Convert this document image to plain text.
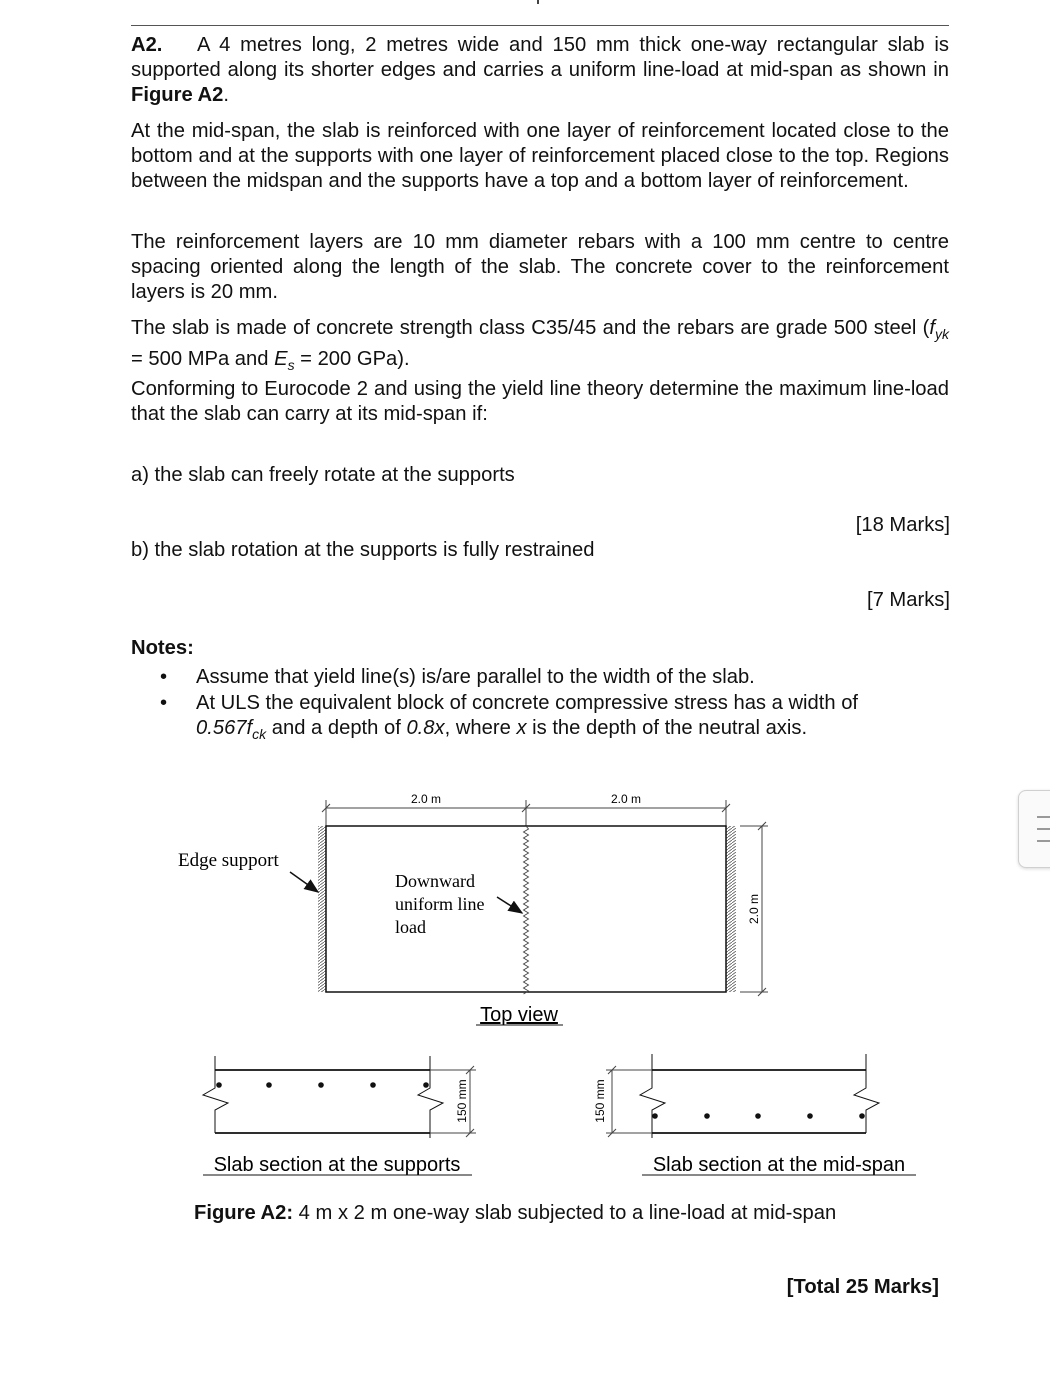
A2. A 4 metres long, 2 metres wide and 150 mm thick one-way rectangular slab is supported along its shorter edges and carries a uniform line-load at mid-span as shown in Figure A2.

At the mid-span, the slab is reinforced with one layer of reinforcement located close to the bottom and at the supports with one layer of reinforcement placed close to the top. Regions between the midspan and the supports have a top and a bottom layer of reinforcement.

The reinforcement layers are 10 mm diameter rebars with a 100 mm centre to centre spacing oriented along the length of the slab. The concrete cover to the reinforcement layers is 20 mm.

The slab is made of concrete strength class C35/45 and the rebars are grade 500 steel ($f_{yk} = 500$ MPa and $E_s = 200$ GPa).

Conforming to Eurocode 2 and using the yield line theory determine the maximum line-load that the slab can carry at its mid-span if:

a) the slab can freely rotate at the supports
[18 Marks]
b) the slab rotation at the supports is fully restrained
[7 Marks]
Notes:
• Assume that yield line(s) is/are parallel to the width of the slab.
• At ULS the equivalent block of concrete compressive stress has a width of $0.567f_{ck}$ and a depth of 0.8x, where x is the depth of the neutral axis.
2.0 m	2.0 m
2.0 m
Edge support
Downward
uniform line
load
Top view
150 mm
Slab section at the supports
150 mm
Slab section at the mid-span
Figure A2: 4 m x 2 m one-way slab subjected to a line-load at mid-span
[Total 25 Marks]
